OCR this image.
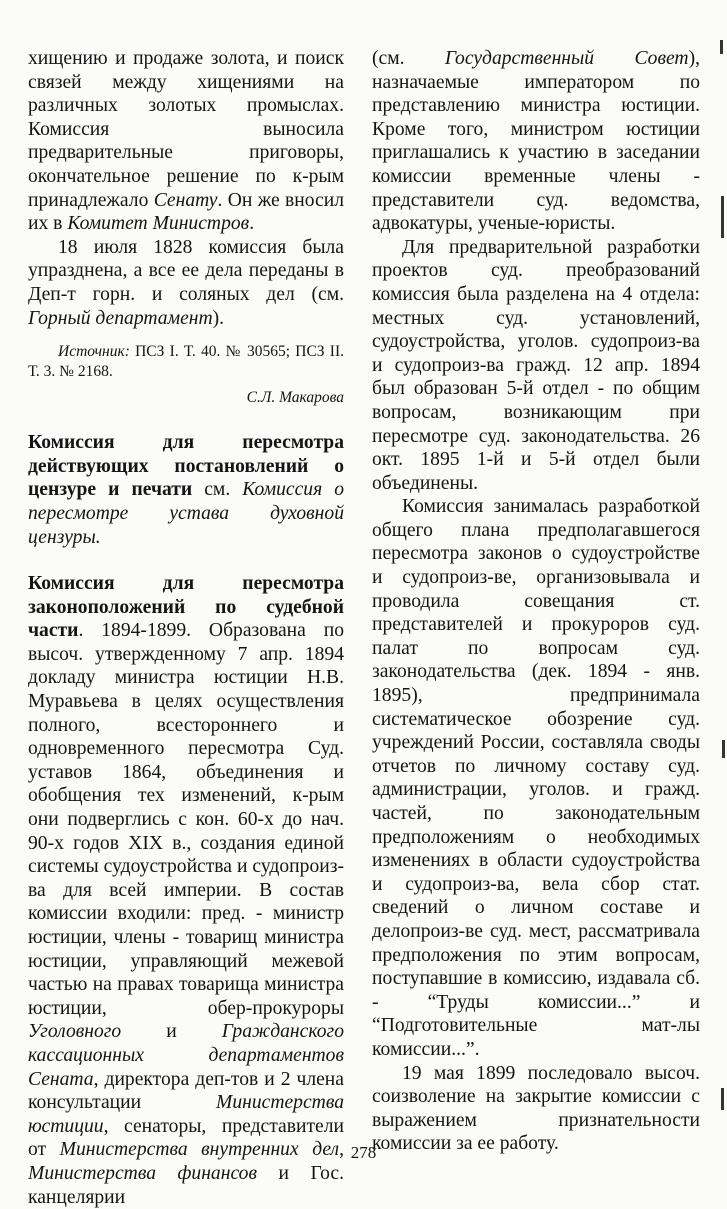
хищению и продаже золота, и поиск связей между хищениями на различных золотых промыслах. Комиссия выносила предварительные приговоры, окончательное решение по к-рым принадлежало Сенату. Он же вносил их в Комитет Министров.

18 июля 1828 комиссия была упразднена, а все ее дела переданы в Деп-т горн. и соляных дел (см. Горный департамент).

Источник: ПСЗ I. Т. 40. № 30565; ПСЗ II. Т. 3. № 2168.

С.Л. Макарова

Комиссия для пересмотра действующих постановлений о цензуре и печати см. Комиссия о пересмотре устава духовной цензуры.

Комиссия для пересмотра законоположений по судебной части. 1894-1899. Образована по высоч. утвержденному 7 апр. 1894 докладу министра юстиции Н.В. Муравьева в целях осуществления полного, всестороннего и одновременного пересмотра Суд. уставов 1864, объединения и обобщения тех изменений, к-рым они подверглись с кон. 60-х до нач. 90-х годов XIX в., создания единой системы судоустройства и судопроиз-ва для всей империи. В состав комиссии входили: пред. - министр юстиции, члены - товарищ министра юстиции, управляющий межевой частью на правах товарища министра юстиции, обер-прокуроры Уголовного и Гражданского кассационных департаментов Сената, директора деп-тов и 2 члена консультации Министерства юстиции, сенаторы, представители от Министерства внутренних дел, Министерства финансов и Гос. канцелярии

(см. Государственный Совет), назначаемые императором по представлению министра юстиции. Кроме того, министром юстиции приглашались к участию в заседании комиссии временные члены - представители суд. ведомства, адвокатуры, ученые-юристы.

Для предварительной разработки проектов суд. преобразований комиссия была разделена на 4 отдела: местных суд. установлений, судоустройства, уголов. судопроиз-ва и судопроиз-ва гражд. 12 апр. 1894 был образован 5-й отдел - по общим вопросам, возникающим при пересмотре суд. законодательства. 26 окт. 1895 1-й и 5-й отдел были объединены.

Комиссия занималась разработкой общего плана предполагавшегося пересмотра законов о судоустройстве и судопроиз-ве, организовывала и проводила совещания ст. представителей и прокуроров суд. палат по вопросам суд. законодательства (дек. 1894 - янв. 1895), предпринимала систематическое обозрение суд. учреждений России, составляла своды отчетов по личному составу суд. администрации, уголов. и гражд. частей, по законодательным предположениям о необходимых изменениях в области судоустройства и судопроиз-ва, вела сбор стат. сведений о личном составе и делопроиз-ве суд. мест, рассматривала предположения по этим вопросам, поступавшие в комиссию, издавала сб. - “Труды комиссии...” и “Подготовительные мат-лы комиссии...”.

19 мая 1899 последовало высоч. соизволение на закрытие комиссии с выражением признательности комиссии за ее работу.

278
